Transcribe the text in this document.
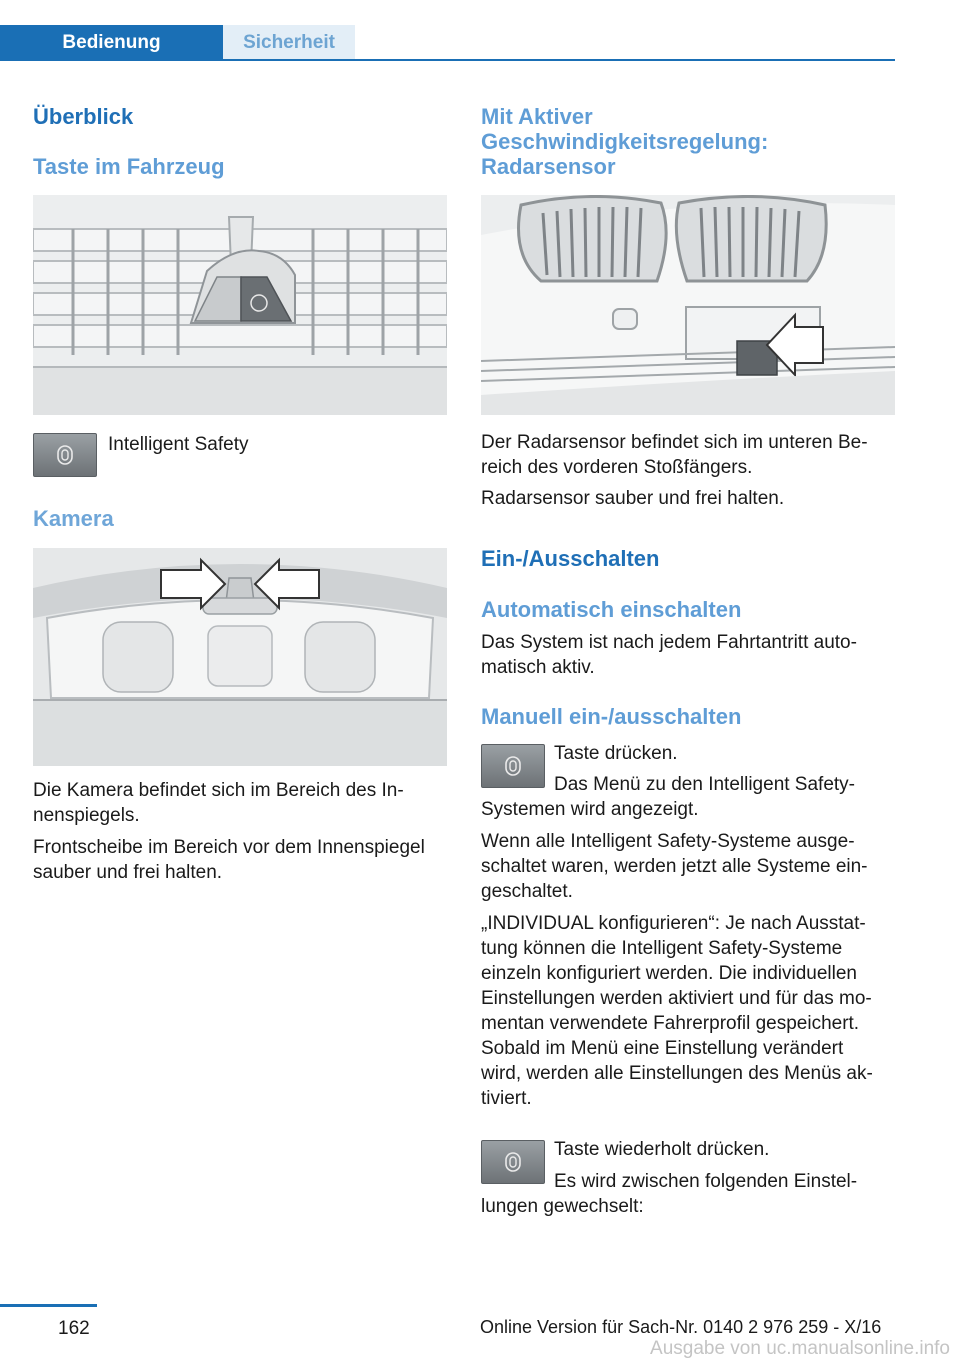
Bedienung	Sicherheit
Überblick
Taste im Fahrzeug

Intelligent Safety

Kamera

Die Kamera befindet sich im Bereich des In-
nenspiegels.

Frontscheibe im Bereich vor dem Innenspiegel sauber und frei halten.

Mit Aktiver Geschwindigkeitsregelung: Radarsensor

Der Radarsensor befindet sich im unteren Be-
reich des vorderen Stoßfängers.

Radarsensor sauber und frei halten.

Ein-/Ausschalten
Automatisch einschalten

Das System ist nach jedem Fahrtantritt auto-
matisch aktiv.

Manuell ein-/ausschalten

Taste drücken.

Das Menü zu den Intelligent Safety-

Systemen wird angezeigt.

Wenn alle Intelligent Safety-Systeme ausge-
schaltet waren, werden jetzt alle Systeme ein-
geschaltet.

„INDIVIDUAL konfigurieren“: Je nach Ausstat-
tung können die Intelligent Safety-Systeme
einzeln konfiguriert werden. Die individuellen
Einstellungen werden aktiviert und für das mo-
mentan verwendete Fahrerprofil gespeichert.
Sobald im Menü eine Einstellung verändert
wird, werden alle Einstellungen des Menüs ak-
tiviert.

Taste wiederholt drücken.

Es wird zwischen folgenden Einstel-

lungen gewechselt:

162	Online Version für Sach-Nr. 0140 2 976 259 - X/16
Ausgabe von uc.manualsonline.info
